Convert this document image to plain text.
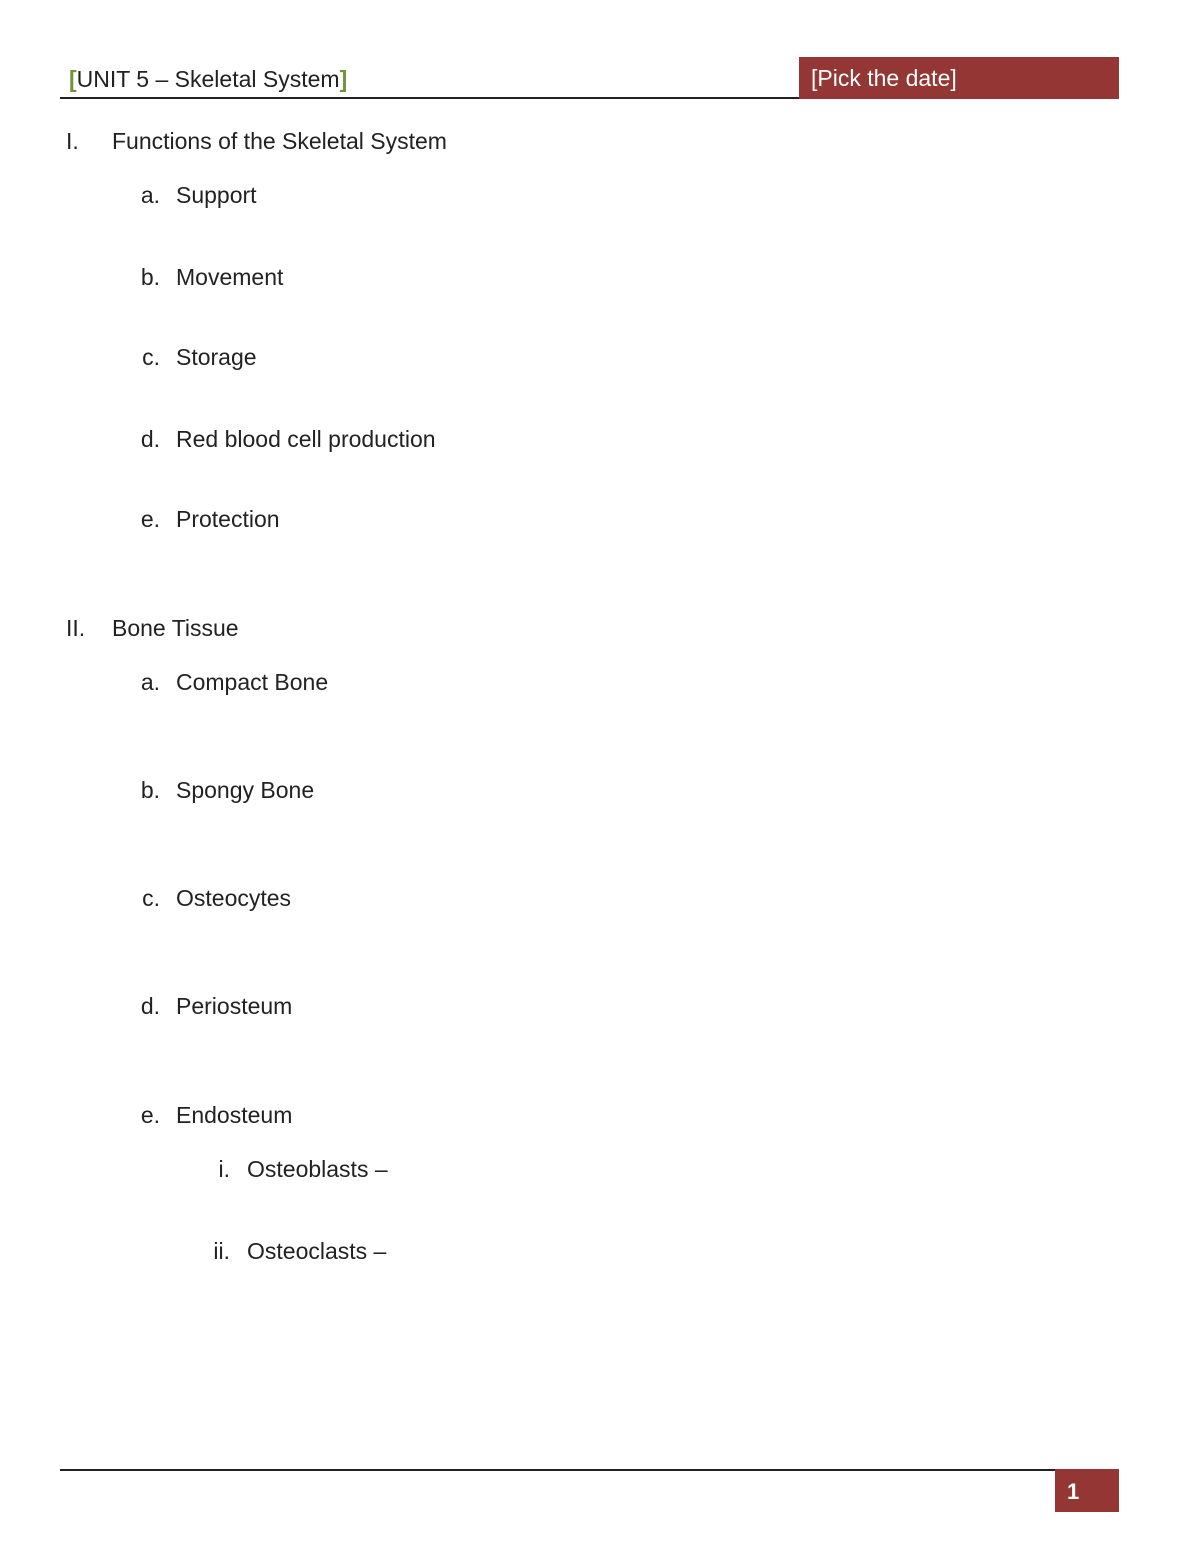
[UNIT 5 – Skeletal System]	[Pick the date]
I.	Functions of the Skeletal System
a. Support
b. Movement
c. Storage
d. Red blood cell production
e. Protection
II. Bone Tissue
a. Compact Bone
b. Spongy Bone
c. Osteocytes
d. Periosteum
e. Endosteum
i. Osteoblasts –
ii. Osteoclasts –
1
